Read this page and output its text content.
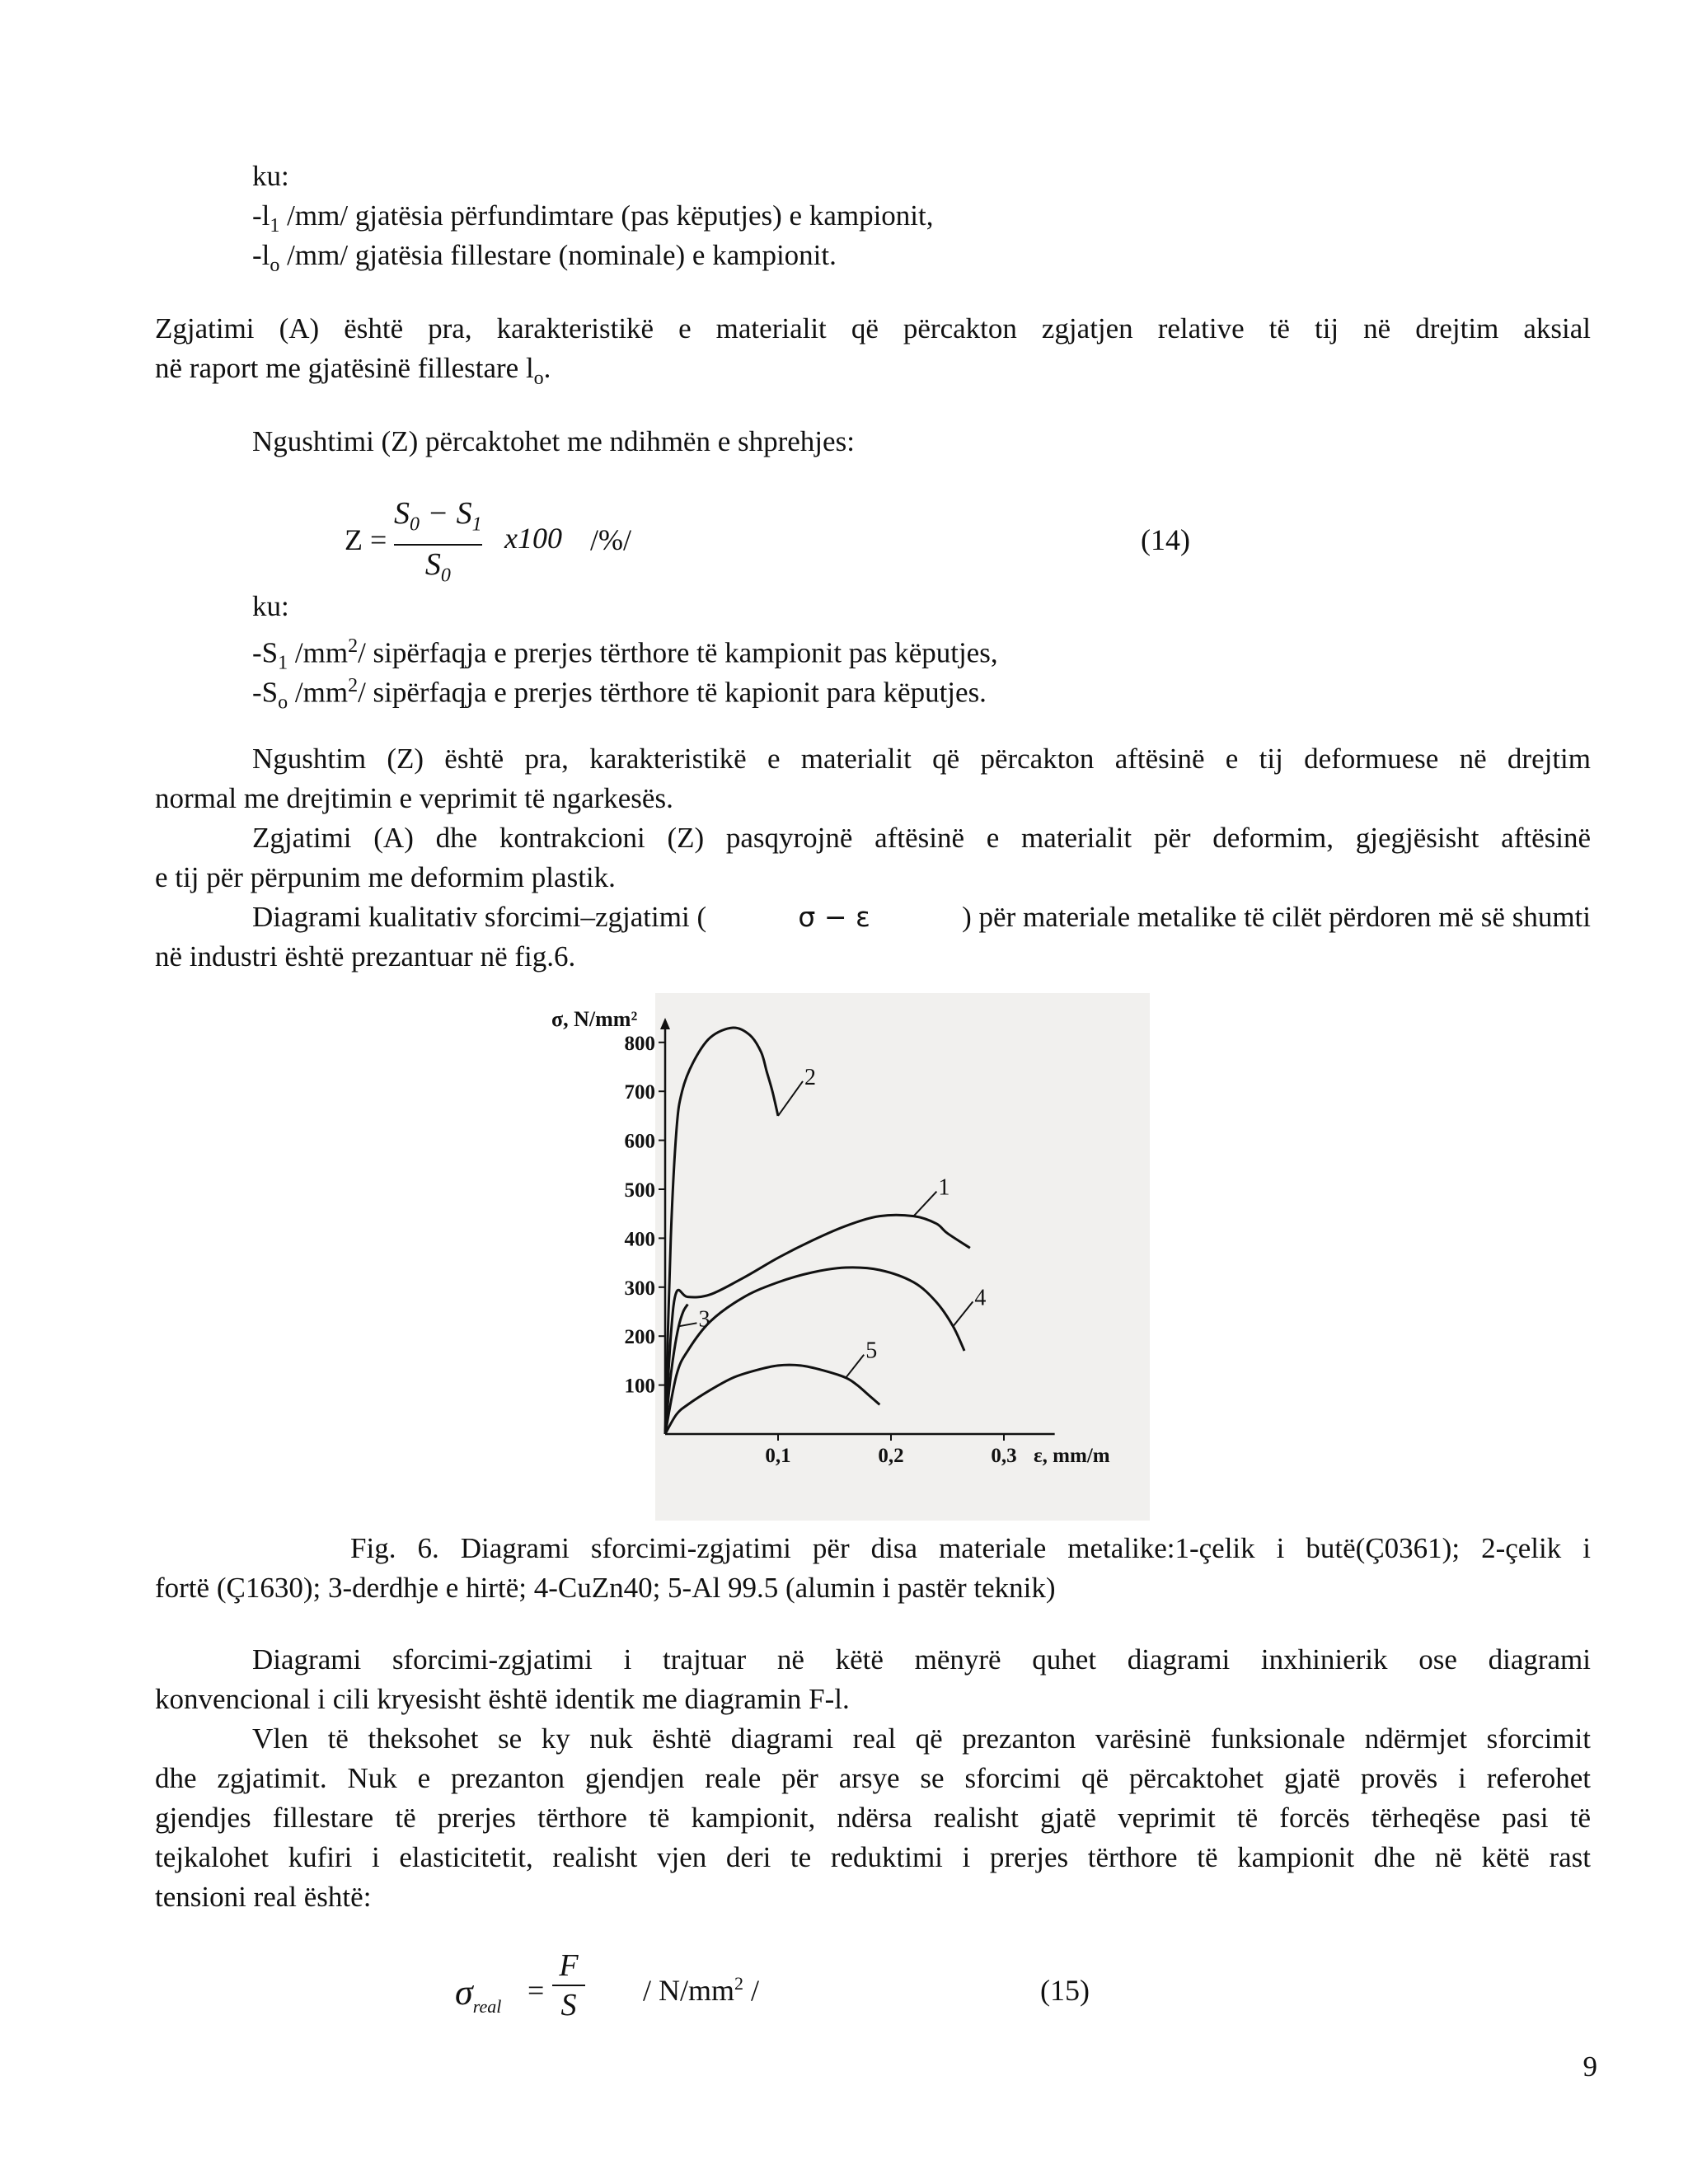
ku:
$-l_1$ /mm/ gjatësia përfundimtare (pas këputjes) e kampionit,
$-l_o$ /mm/ gjatësia fillestare (nominale) e kampionit.
Zgjatimi (A) është pra, karakteristikë e materialit që përcakton zgjatjen relative të tij në drejtim aksial
në raport me gjatësinë fillestare $l_o$.
Ngushtimi (Z) përcaktohet me ndihmën e shprehjes:
Z =
$S_0 - S_1$
$S_0$
x100 /%/	(14)
ku:
$-S_1$ $/mm^2/$ sipërfaqja e prerjes tërthore të kampionit pas këputjes,
$-S_o$ $/mm^2/$ sipërfaqja e prerjes tërthore të kapionit para këputjes.
Ngushtim (Z) është pra, karakteristikë e materialit që përcakton aftësinë e tij deformuese në drejtim
normal me drejtimin e veprimit të ngarkesës.
Zgjatimi (A) dhe kontrakcioni (Z) pasqyrojnë aftësinë e materialit për deformim, gjegjësisht aftësinë
e tij për përpunim me deformim plastik.
Diagrami kualitativ sforcimi–zgjatimi (	σ − ε	) për materiale metalike të cilët përdoren më së shumti
në industri është prezantuar në fig.6.
σ, N/mm²
800
700
600
500
400
300
200
100
0,1	0,2	0,3 ε, mm/m
1
2
3
4
5
Fig. 6. Diagrami sforcimi-zgjatimi për disa materiale metalike:1-çelik i butë(Ç0361); 2-çelik i
fortë (Ç1630); 3-derdhje e hirtë; 4-CuZn40; 5-Al 99.5 (alumin i pastër teknik)
Diagrami sforcimi-zgjatimi i trajtuar në këtë mënyrë quhet diagrami inxhinierik ose diagrami
konvencional i cili kryesisht është identik me diagramin F-l.
Vlen të theksohet se ky nuk është diagrami real që prezanton varësinë funksionale ndërmjet sforcimit
dhe zgjatimit. Nuk e prezanton gjendjen reale për arsye se sforcimi që përcaktohet gjatë provës i referohet
gjendjes fillestare të prerjes tërthore të kampionit, ndërsa realisht gjatë veprimit të forcës tërheqëse pasi të
tejkalohet kufiri i elasticitetit, realisht vjen deri te reduktimi i prerjes tërthore të kampionit dhe në këtë rast
tensioni real është:
$\sigma_{real}$ =
F
S / $N/mm^2$ /	(15)
9
